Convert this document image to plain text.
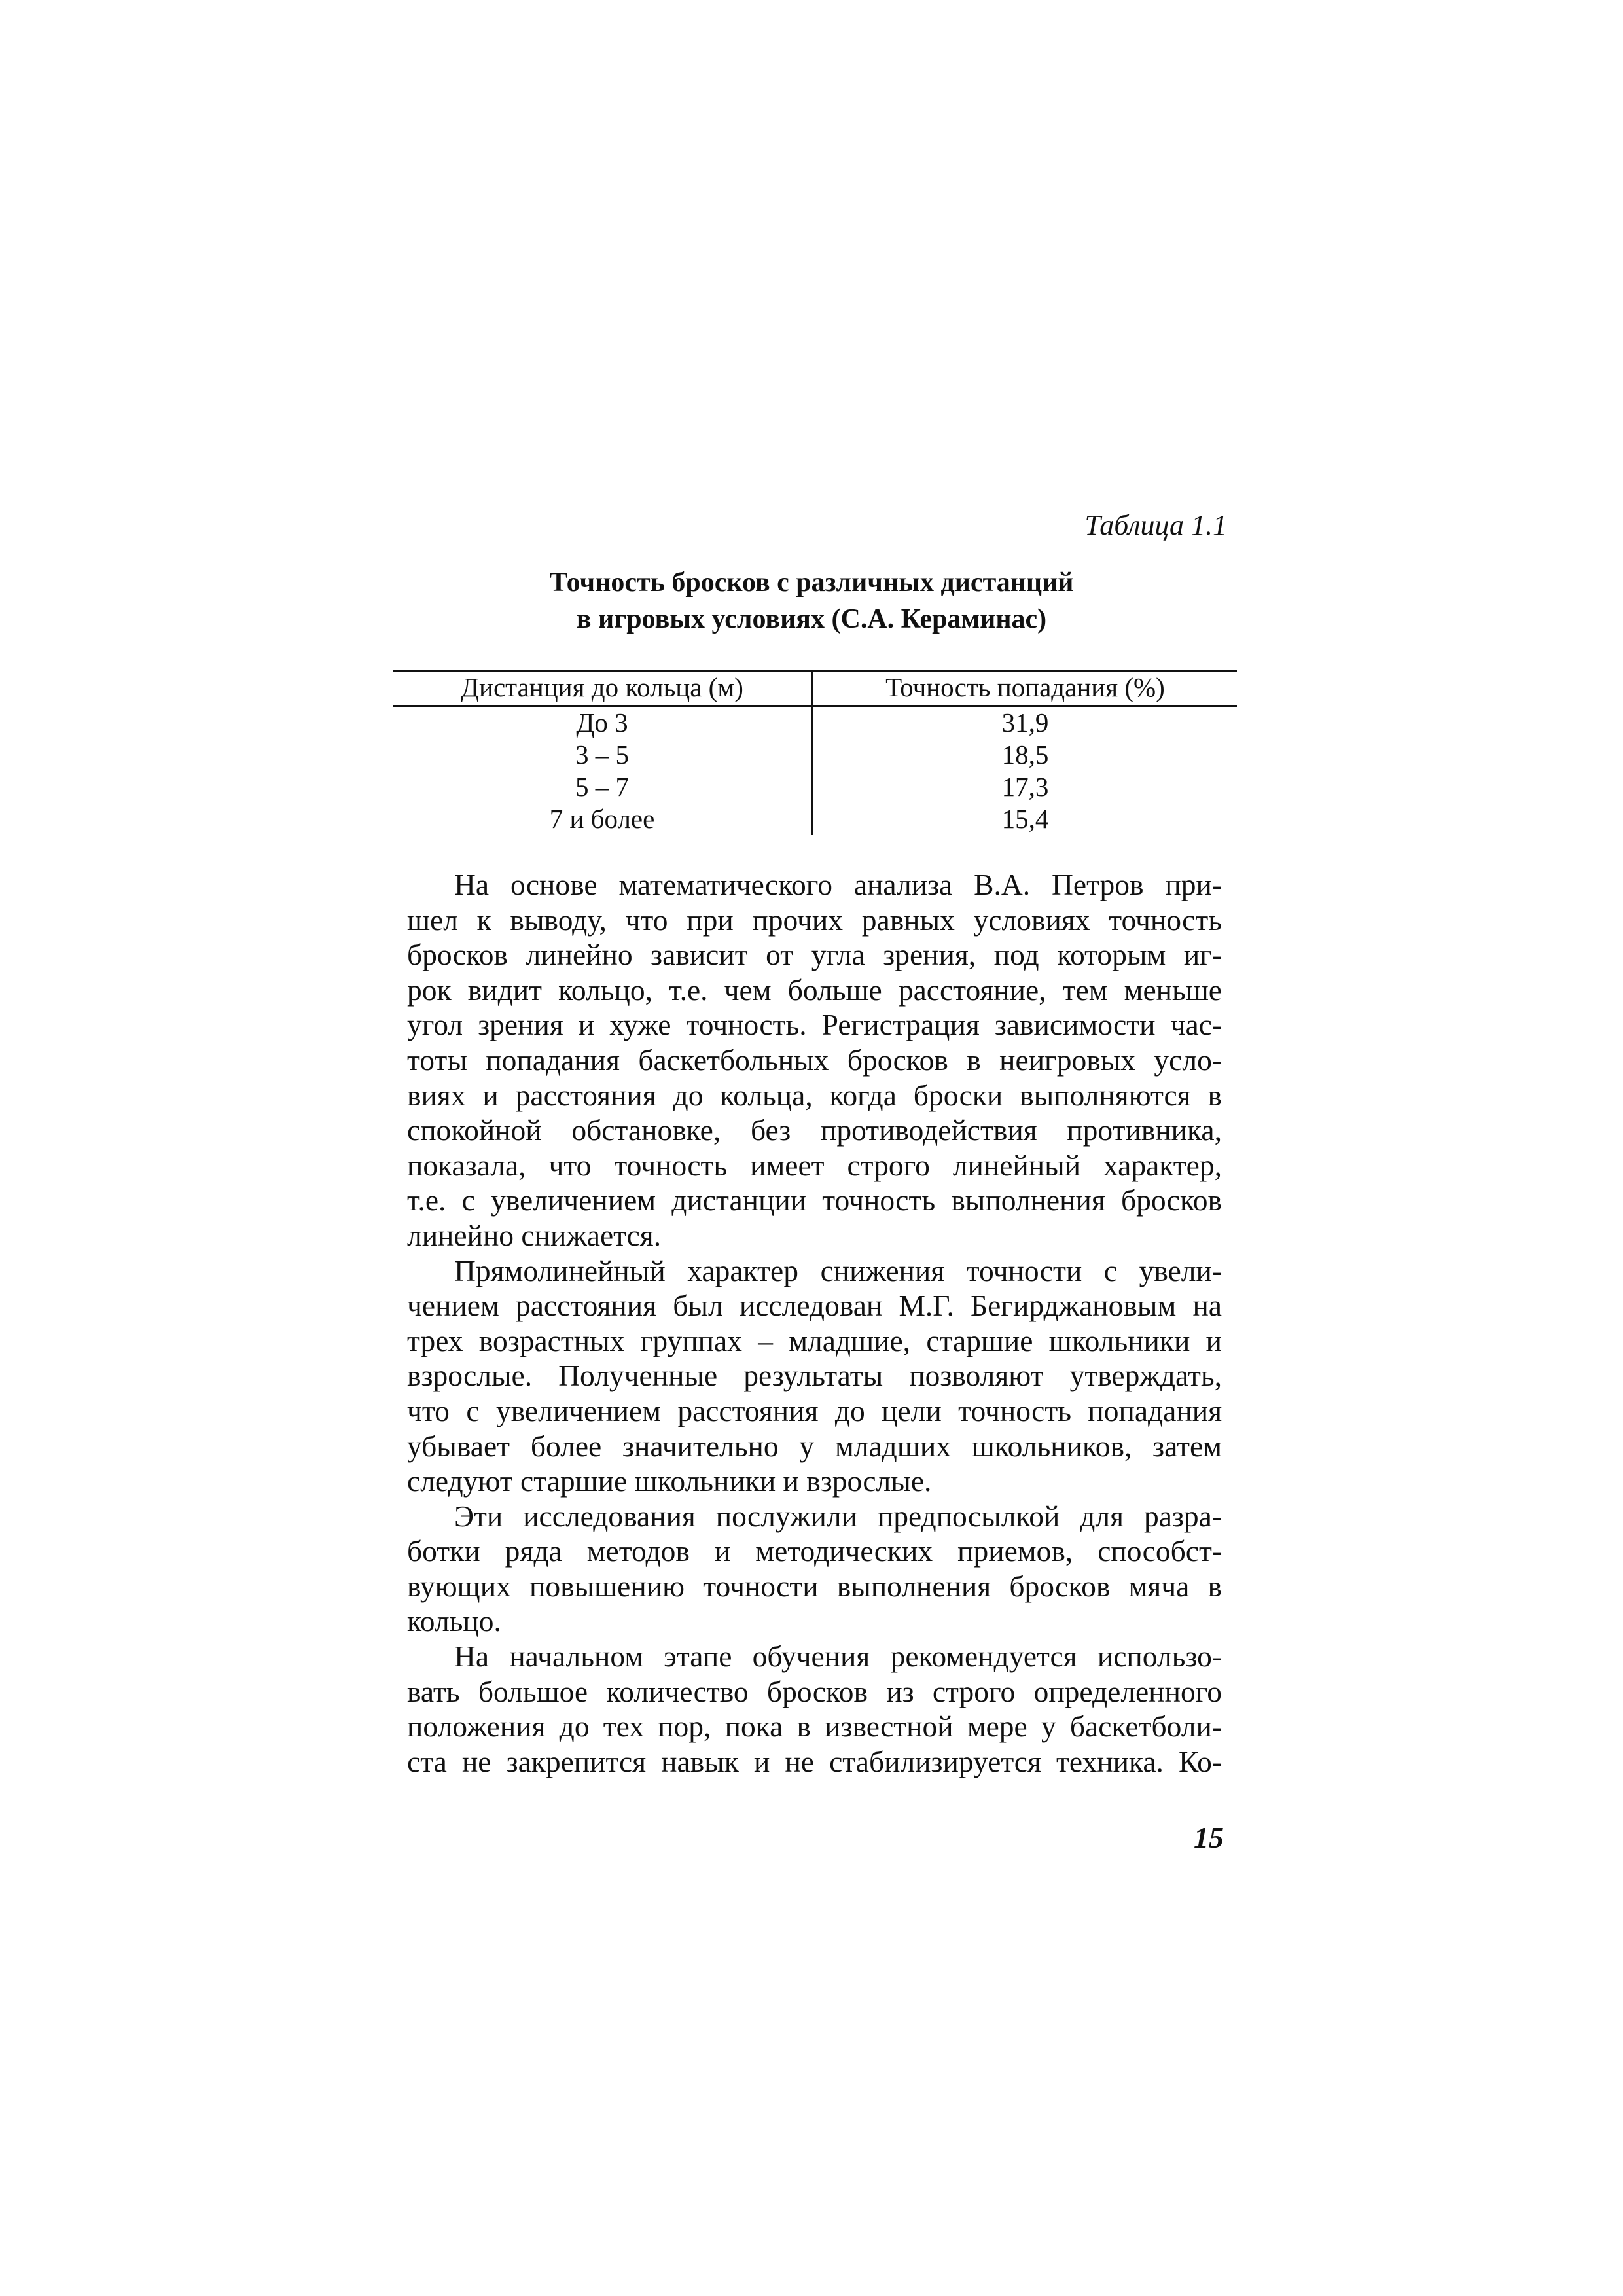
Таблица 1.1
Точность бросков с различных дистанций
в игровых условиях (С.А. Кераминас)
Дистанция до кольца (м)	Точность попадания (%)
До 3	31,9
3 – 5	18,5
5 – 7	17,3
7 и более	15,4

На основе математического анализа В.А. Петров при-

шел к выводу, что при прочих равных условиях точность

бросков линейно зависит от угла зрения, под которым иг-

рок видит кольцо, т.е. чем больше расстояние, тем меньше

угол зрения и хуже точность. Регистрация зависимости час-

тоты попадания баскетбольных бросков в неигровых усло-

виях и расстояния до кольца, когда броски выполняются в

спокойной обстановке, без противодействия противника,

показала, что точность имеет строго линейный характер,

т.е. с увеличением дистанции точность выполнения бросков

линейно снижается.

Прямолинейный характер снижения точности с увели-

чением расстояния был исследован М.Г. Бегирджановым на

трех возрастных группах – младшие, старшие школьники и

взрослые. Полученные результаты позволяют утверждать,

что с увеличением расстояния до цели точность попадания

убывает более значительно у младших школьников, затем

следуют старшие школьники и взрослые.

Эти исследования послужили предпосылкой для разра-

ботки ряда методов и методических приемов, способст-

вующих повышению точности выполнения бросков мяча в

кольцо.

На начальном этапе обучения рекомендуется использо-

вать большое количество бросков из строго определенного

положения до тех пор, пока в известной мере у баскетболи-

ста не закрепится навык и не стабилизируется техника. Ко-

15
